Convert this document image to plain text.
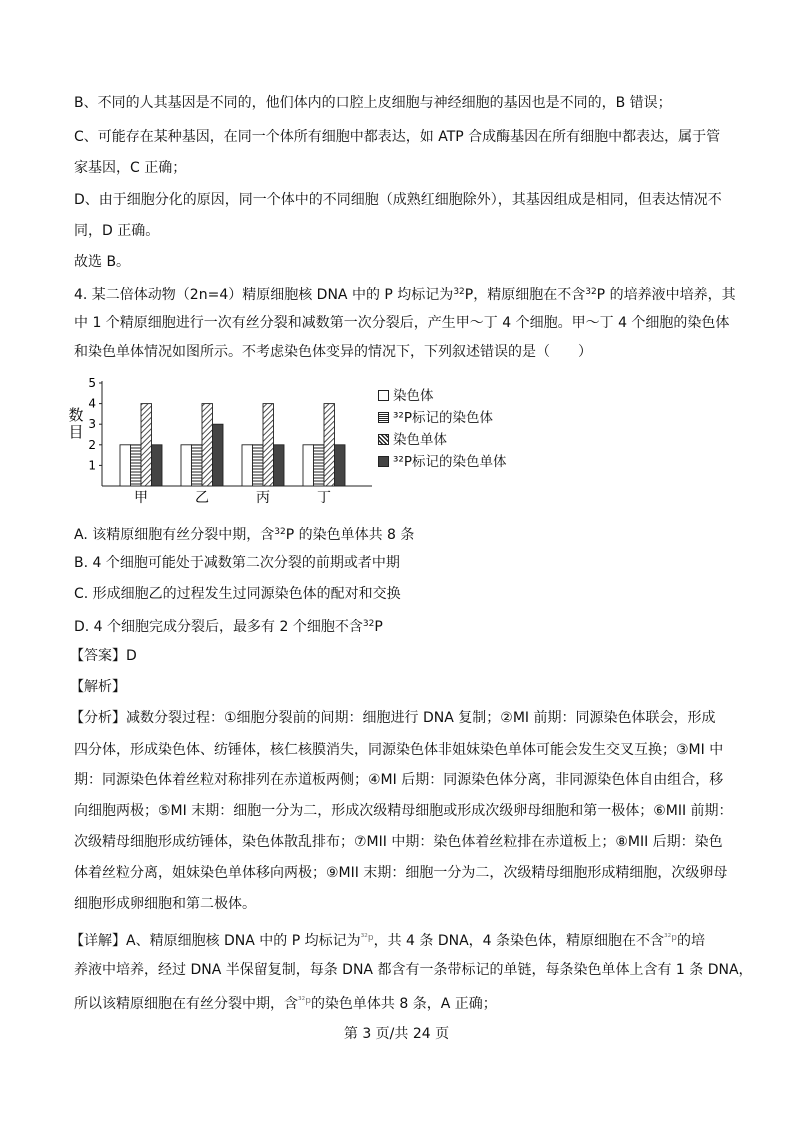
B、不同的人其基因是不同的，他们体内的口腔上皮细胞与神经细胞的基因也是不同的，B 错误；
C、可能存在某种基因，在同一个体所有细胞中都表达，如 ATP 合成酶基因在所有细胞中都表达，属于管
家基因，C 正确；
D、由于细胞分化的原因，同一个体中的不同细胞（成熟红细胞除外），其基因组成是相同，但表达情况不
同，D 正确。
故选 B。
4. 某二倍体动物（2n=4）精原细胞核 DNA 中的 P 均标记为$^{32}$P，精原细胞在不含$^{32}$P 的培养液中培养，其
中 1 个精原细胞进行一次有丝分裂和减数第一次分裂后，产生甲～丁 4 个细胞。甲～丁 4 个细胞的染色体
和染色单体情况如图所示。不考虑染色体变异的情况下，下列叙述错误的是（　　）
1
2
3
4
5
数
目
甲	乙	丙	丁
染色体
³²P标记的染色体
染色单体
³²P标记的染色单体
A. 该精原细胞有丝分裂中期，含$^{32}$P 的染色单体共 8 条
B. 4 个细胞可能处于减数第二次分裂的前期或者中期
C. 形成细胞乙的过程发生过同源染色体的配对和交换
D. 4 个细胞完成分裂后，最多有 2 个细胞不含$^{32}$P
【答案】D
【解析】
【分析】减数分裂过程：①细胞分裂前的间期：细胞进行 DNA 复制；②MI 前期：同源染色体联会，形成
四分体，形成染色体、纺锤体，核仁核膜消失，同源染色体非姐妹染色单体可能会发生交叉互换；③MI 中
期：同源染色体着丝粒对称排列在赤道板两侧；④MI 后期：同源染色体分离，非同源染色体自由组合，移
向细胞两极；⑤MI 末期：细胞一分为二，形成次级精母细胞或形成次级卵母细胞和第一极体；⑥MII 前期：
次级精母细胞形成纺锤体，染色体散乱排布；⑦MII 中期：染色体着丝粒排在赤道板上；⑧MII 后期：染色
体着丝粒分离，姐妹染色单体移向两极；⑨MII 末期：细胞一分为二，次级精母细胞形成精细胞，次级卵母
细胞形成卵细胞和第二极体。
【详解】A、精原细胞核 DNA 中的 P 均标记为$^{^{32}p}$，共 4 条 DNA，4 条染色体，精原细胞在不含$^{^{32}p}$的培
养液中培养，经过 DNA 半保留复制，每条 DNA 都含有一条带标记的单链，每条染色单体上含有 1 条 DNA，
所以该精原细胞在有丝分裂中期，含$^{^{32}p}$的染色单体共 8 条，A 正确；
第 3 页/共 24 页
